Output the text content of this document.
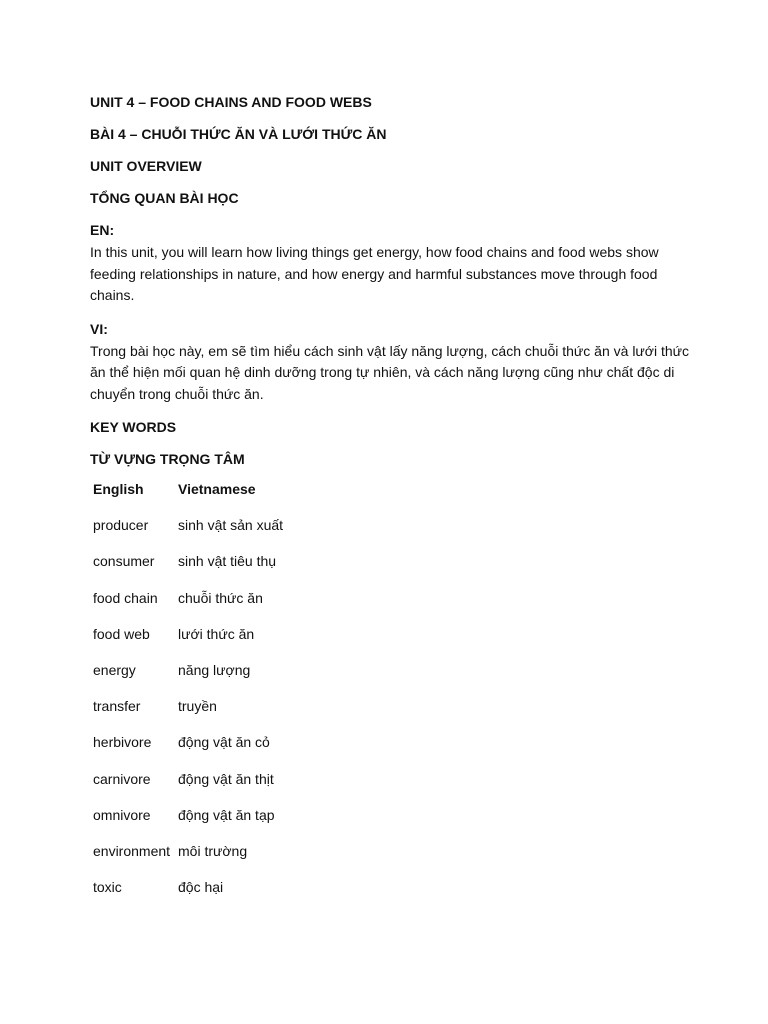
UNIT 4 – FOOD CHAINS AND FOOD WEBS
BÀI 4 – CHUỖI THỨC ĂN VÀ LƯỚI THỨC ĂN
UNIT OVERVIEW
TỔNG QUAN BÀI HỌC
EN:

In this unit, you will learn how living things get energy, how food chains and food webs show feeding relationships in nature, and how energy and harmful substances move through food chains.

VI:

Trong bài học này, em sẽ tìm hiểu cách sinh vật lấy năng lượng, cách chuỗi thức ăn và lưới thức ăn thể hiện mối quan hệ dinh dưỡng trong tự nhiên, và cách năng lượng cũng như chất độc di chuyển trong chuỗi thức ăn.

KEY WORDS
TỪ VỰNG TRỌNG TÂM
English	Vietnamese
producer	sinh vật sản xuất
consumer	sinh vật tiêu thụ
food chain	chuỗi thức ăn
food web	lưới thức ăn
energy	năng lượng
transfer	truyền
herbivore	động vật ăn cỏ
carnivore	động vật ăn thịt
omnivore	động vật ăn tạp
environment	môi trường
toxic	độc hại
